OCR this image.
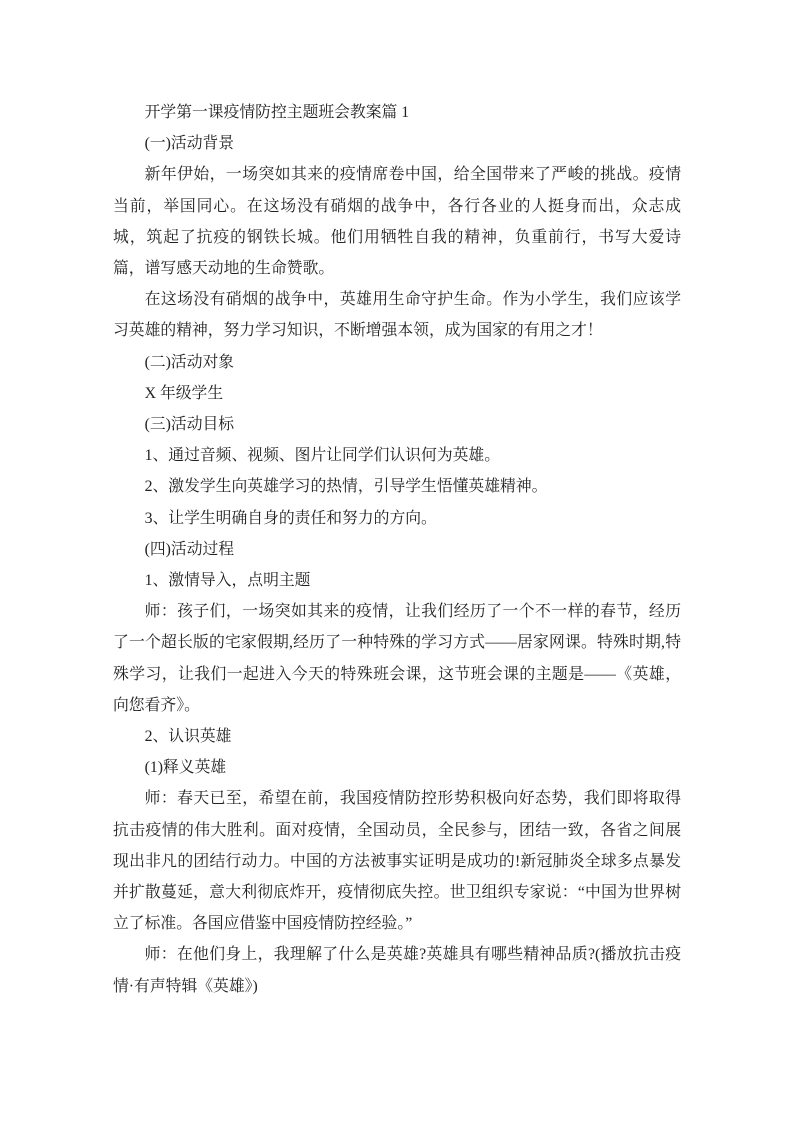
开学第一课疫情防控主题班会教案篇 1

(一)活动背景

新年伊始，一场突如其来的疫情席卷中国，给全国带来了严峻的挑战。疫情当前，举国同心。在这场没有硝烟的战争中，各行各业的人挺身而出，众志成城，筑起了抗疫的钢铁长城。他们用牺牲自我的精神，负重前行，书写大爱诗篇，谱写感天动地的生命赞歌。

在这场没有硝烟的战争中，英雄用生命守护生命。作为小学生，我们应该学习英雄的精神，努力学习知识，不断增强本领，成为国家的有用之才！

(二)活动对象

X 年级学生

(三)活动目标

1、通过音频、视频、图片让同学们认识何为英雄。

2、激发学生向英雄学习的热情，引导学生悟懂英雄精神。

3、让学生明确自身的责任和努力的方向。

(四)活动过程

1、激情导入，点明主题

师：孩子们，一场突如其来的疫情，让我们经历了一个不一样的春节，经历了一个超长版的宅家假期,经历了一种特殊的学习方式——居家网课。特殊时期,特殊学习，让我们一起进入今天的特殊班会课，这节班会课的主题是——《英雄，向您看齐》。

2、认识英雄

(1)释义英雄

师：春天已至，希望在前，我国疫情防控形势积极向好态势，我们即将取得抗击疫情的伟大胜利。面对疫情，全国动员，全民参与，团结一致，各省之间展现出非凡的团结行动力。中国的方法被事实证明是成功的!新冠肺炎全球多点暴发并扩散蔓延，意大利彻底炸开，疫情彻底失控。世卫组织专家说：“中国为世界树立了标准。各国应借鉴中国疫情防控经验。”

师：在他们身上，我理解了什么是英雄?英雄具有哪些精神品质?(播放抗击疫情·有声特辑《英雄》)
